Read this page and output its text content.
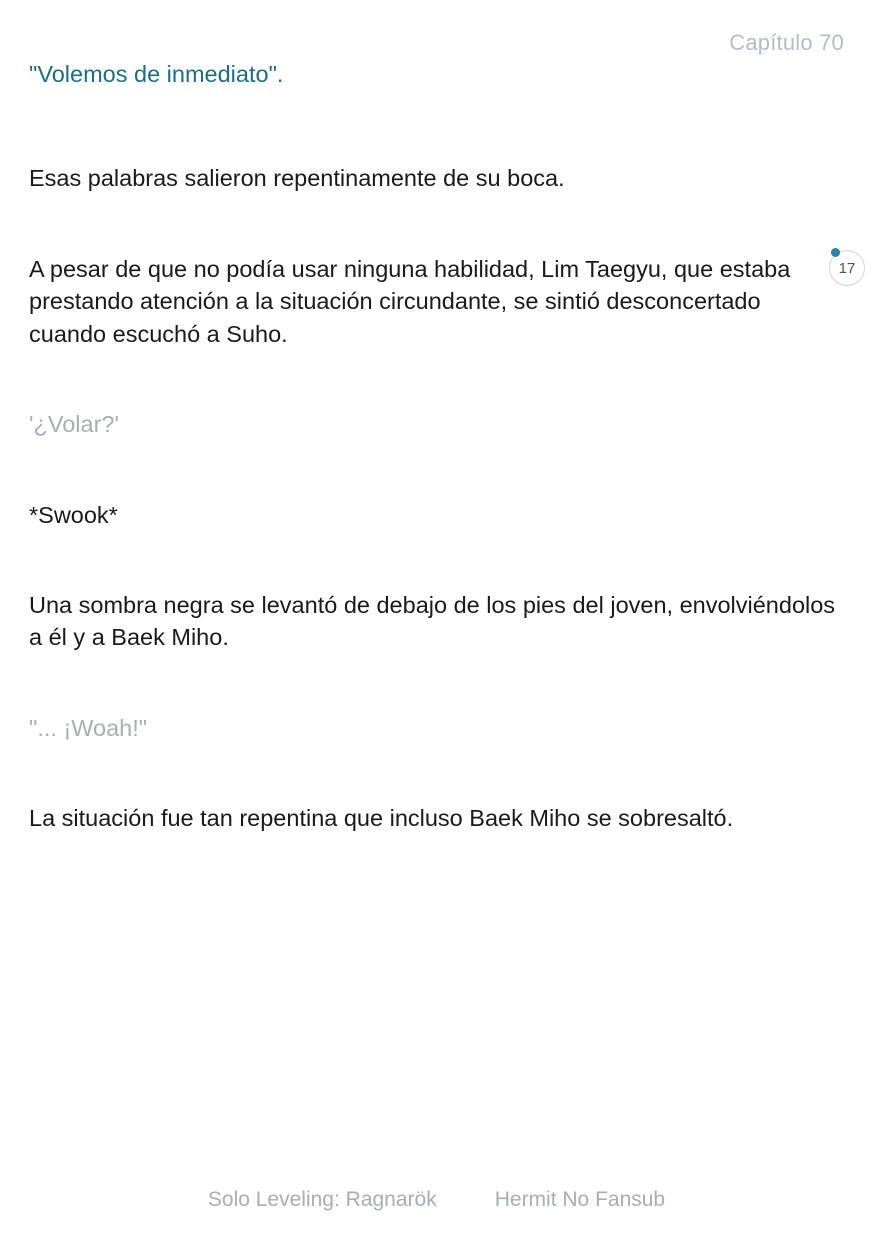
Capítulo 70

"Volemos de inmediato".

Esas palabras salieron repentinamente de su boca.

A pesar de que no podía usar ninguna habilidad, Lim Taegyu, que estaba prestando atención a la situación circundante, se sintió desconcertado cuando escuchó a Suho.

'¿Volar?'

*Swook*

Una sombra negra se levantó de debajo de los pies del joven, envolviéndolos a él y a Baek Miho.

"... ¡Woah!"

La situación fue tan repentina que incluso Baek Miho se sobresaltó.

17
Solo Leveling: Ragnarök	Hermit No Fansub
